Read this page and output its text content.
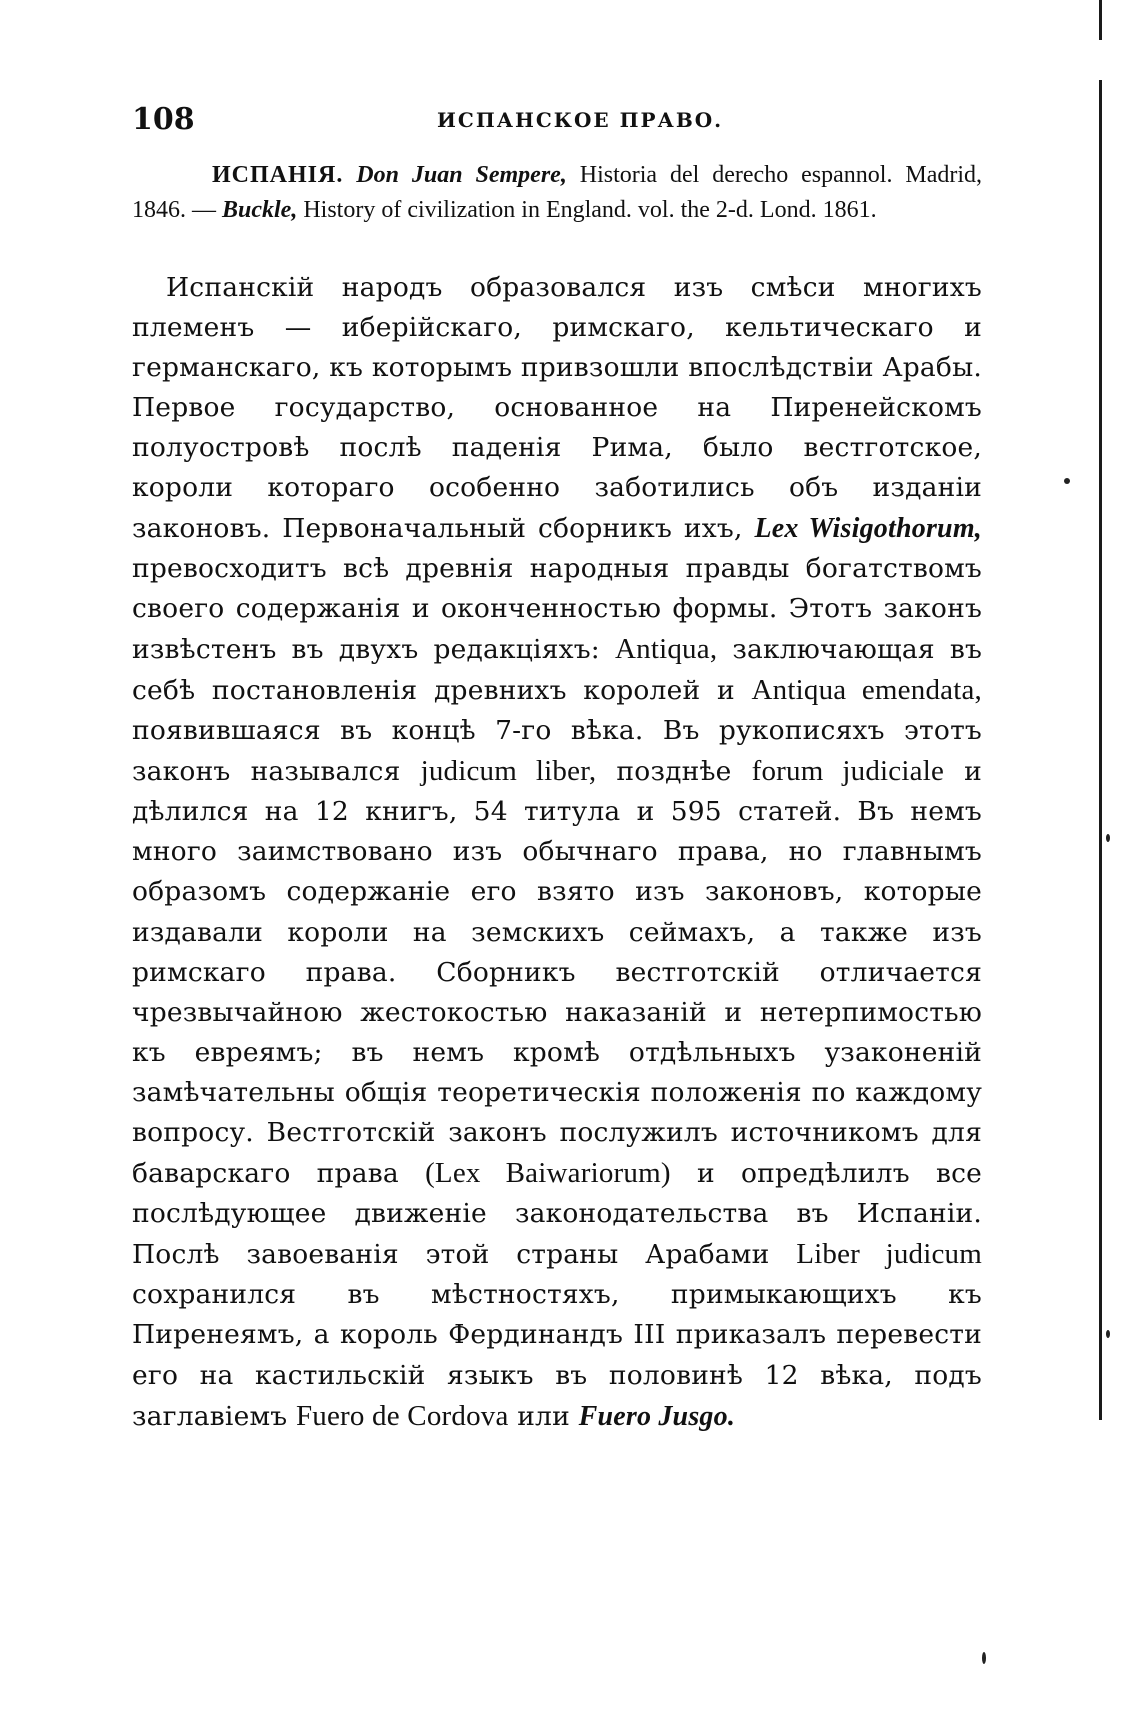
108	ИСПАНСКОЕ ПРАВО.
ИСПАНІЯ. Don Juan Sempere, Historia del derecho espannol. Madrid, 1846. — Buckle, History of civilization in England. vol. the 2-d. Lond. 1861.
Испанскій народъ образовался изъ смѣси многихъ племенъ — иберійскаго, римскаго, кельтическаго и германскаго, къ которымъ привзошли впослѣдствіи Арабы. Первое государство, основанное на Пиренейскомъ полуостровѣ послѣ паденія Рима, было вестготское, короли котораго особенно заботились объ изданіи законовъ. Первоначальный сборникъ ихъ, Lex Wisigothorum, превосходитъ всѣ древнія народныя правды богатствомъ своего содержанія и оконченностью формы. Этотъ законъ извѣстенъ въ двухъ редакціяхъ: Antiqua, заключающая въ себѣ постановленія древнихъ королей и Antiqua emendata, появившаяся въ концѣ 7-го вѣка. Въ рукописяхъ этотъ законъ назывался judicum liber, позднѣе forum judiciale и дѣлился на 12 книгъ, 54 титула и 595 статей. Въ немъ много заимствовано изъ обычнаго права, но главнымъ образомъ содержаніе его взято изъ законовъ, которые издавали короли на земскихъ сеймахъ, а также изъ римскаго права. Сборникъ вестготскій отличается чрезвычайною жестокостью наказаній и нетерпимостью къ евреямъ; въ немъ кромѣ отдѣльныхъ узаконеній замѣчательны общія теоретическія положенія по каждому вопросу. Вестготскій законъ послужилъ источникомъ для баварскаго права (Lex Baiwariorum) и опредѣлилъ все послѣдующее движеніе законодательства въ Испаніи. Послѣ завоеванія этой страны Арабами Liber judicum сохранился въ мѣстностяхъ, примыкающихъ къ Пиренеямъ, а король Фердинандъ III приказалъ перевести его на кастильскій языкъ въ половинѣ 12 вѣка, подъ заглавіемъ Fuero de Cordova или Fuero Jusgo.
